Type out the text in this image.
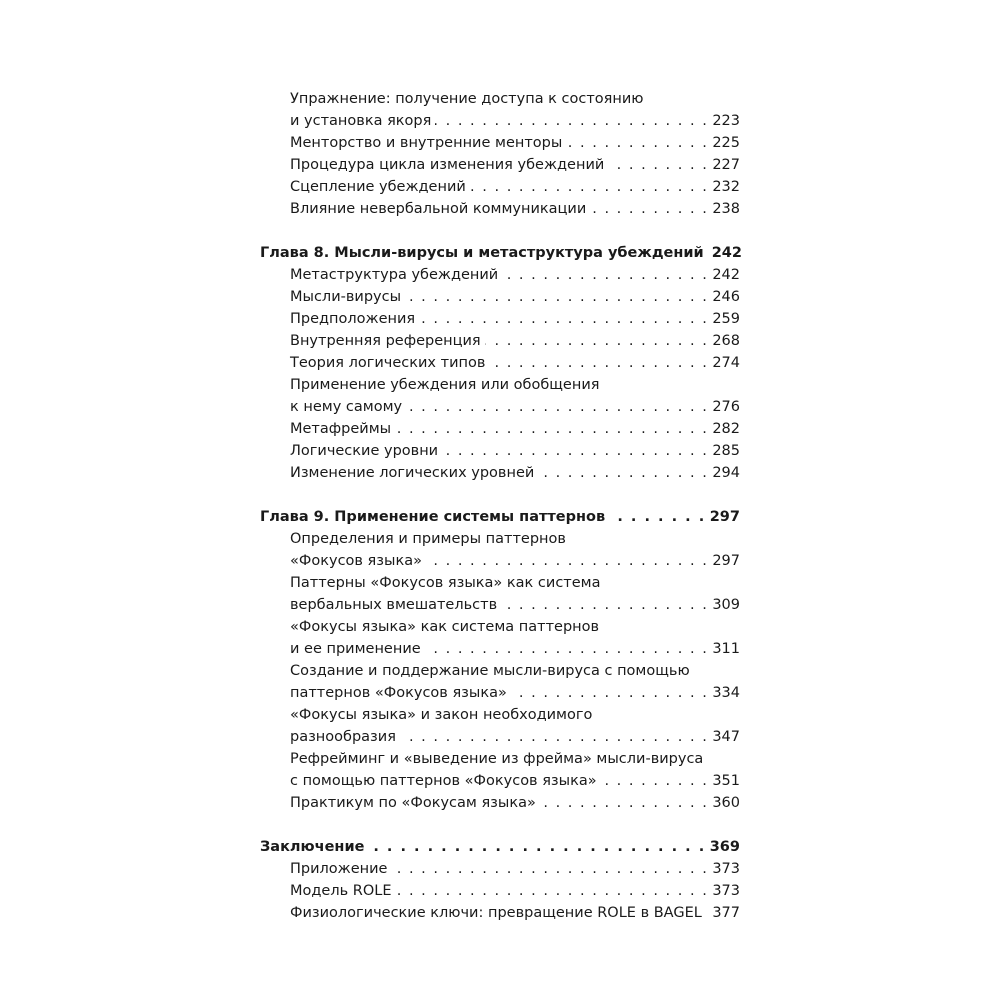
Упражнение: получение доступа к состоянию
и установка якоря . . .	223
Менторство и внутренние менторы . . .	225
Процедура цикла изменения убеждений . . .	227
Сцепление убеждений . . .	232
Влияние невербальной коммуникации . . .	238
Глава 8. Мысли-вирусы и метаструктура убеждений 242
Метаструктура убеждений . . .	242
Мысли-вирусы . . .	246
Предположения . . .	259
Внутренняя референция . . .	268
Теория логических типов . . .	274
Применение убеждения или обобщения
к нему самому . . .	276
Метафреймы . . .	282
Логические уровни . . .	285
Изменение логических уровней . . .	294
Глава 9. Применение системы паттернов . . .	297
Определения и примеры паттернов
«Фокусов языка» . . .	297
Паттерны «Фокусов языка» как система
вербальных вмешательств . . .	309
«Фокусы языка» как система паттернов
и ее применение . . .	311
Создание и поддержание мысли-вируса с помощью
паттернов «Фокусов языка» . . .	334
«Фокусы языка» и закон необходимого
разнообразия . . .	347
Рефрейминг и «выведение из фрейма» мысли-вируса
с помощью паттернов «Фокусов языка» . . .	351
Практикум по «Фокусам языка» . . .	360
Заключение . . .	369
Приложение . . .	373
Модель ROLE . . .	373
Физиологические ключи: превращение ROLE в BAGEL . . . 377
